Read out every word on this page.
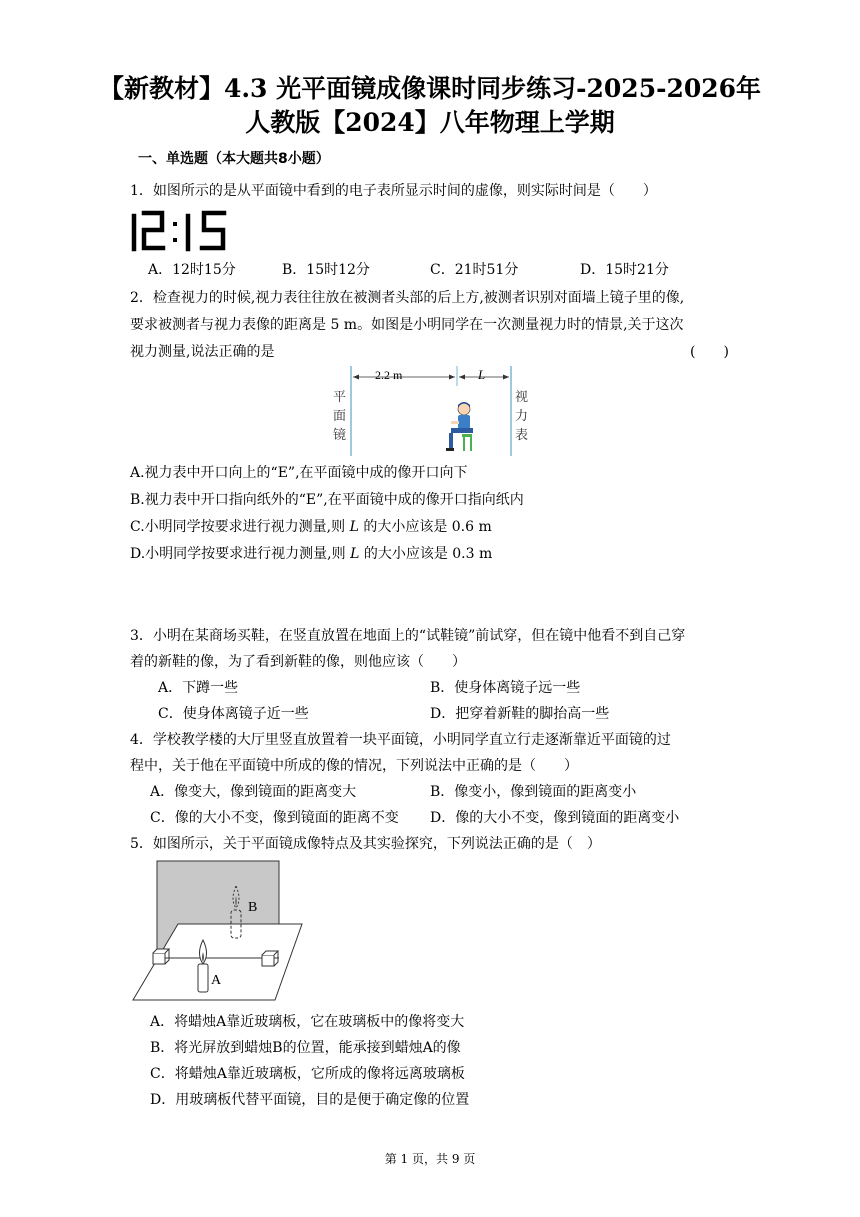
【新教材】4.3 光平面镜成像课时同步练习-2025-2026年
人教版【2024】八年物理上学期
一、单选题（本大题共8小题）
1．如图所示的是从平面镜中看到的电子表所显示时间的虚像，则实际时间是（　　）
A．12时15分	B．15时12分	C．21时51分	D．15时21分
2．检查视力的时候,视力表往往放在被测者头部的后上方,被测者识别对面墙上镜子里的像,
要求被测者与视力表像的距离是 5 m。如图是小明同学在一次测量视力时的情景,关于这次
视力测量,说法正确的是	(　　)
2.2 m	L
平
面
镜
视
力
表
A.视力表中开口向上的“E”,在平面镜中成的像开口向下
B.视力表中开口指向纸外的“E”,在平面镜中成的像开口指向纸内
C.小明同学按要求进行视力测量,则 L 的大小应该是 0.6 m
D.小明同学按要求进行视力测量,则 L 的大小应该是 0.3 m
3．小明在某商场买鞋，在竖直放置在地面上的“试鞋镜”前试穿，但在镜中他看不到自己穿
着的新鞋的像，为了看到新鞋的像，则他应该（　　）
A．下蹲一些	B．使身体离镜子远一些
C．使身体离镜子近一些	D．把穿着新鞋的脚抬高一些
4．学校教学楼的大厅里竖直放置着一块平面镜，小明同学直立行走逐渐靠近平面镜的过
程中，关于他在平面镜中所成的像的情况，下列说法中正确的是（　　）
A．像变大，像到镜面的距离变大	B．像变小，像到镜面的距离变小
C．像的大小不变，像到镜面的距离不变 D．像的大小不变，像到镜面的距离变小
5．如图所示，关于平面镜成像特点及其实验探究，下列说法正确的是（　）
B
A
A．将蜡烛A靠近玻璃板，它在玻璃板中的像将变大
B．将光屏放到蜡烛B的位置，能承接到蜡烛A的像
C．将蜡烛A靠近玻璃板，它所成的像将远离玻璃板
D．用玻璃板代替平面镜，目的是便于确定像的位置
第 1 页，共 9 页
